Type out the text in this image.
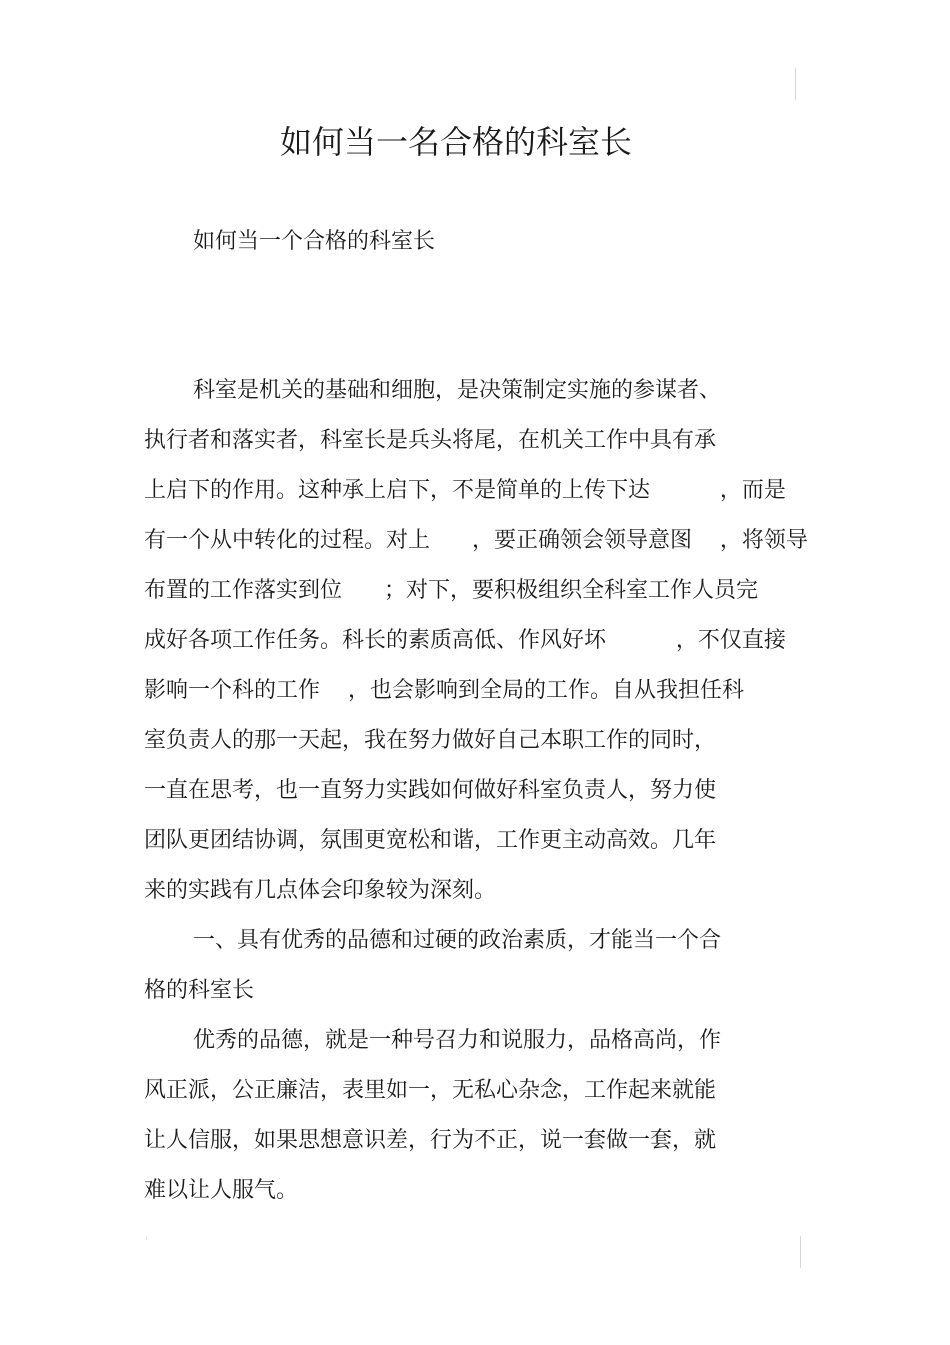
如何当一名合格的科室长
如何当一个合格的科室长
科室是机关的基础和细胞，是决策制定实施的参谋者、
执行者和落实者，科室长是兵头将尾，在机关工作中具有承
上启下的作用。这种承上启下，不是简单的上传下达          ，而是
有一个从中转化的过程。对上      ，要正确领会领导意图    ，将领导
布置的工作落实到位      ；对下，要积极组织全科室工作人员完
成好各项工作任务。科长的素质高低、作风好坏          ，不仅直接
影响一个科的工作    ，也会影响到全局的工作。自从我担任科
室负责人的那一天起，我在努力做好自己本职工作的同时，
一直在思考，也一直努力实践如何做好科室负责人，努力使
团队更团结协调，氛围更宽松和谐，工作更主动高效。几年
来的实践有几点体会印象较为深刻。
一、具有优秀的品德和过硬的政治素质，才能当一个合
格的科室长
优秀的品德，就是一种号召力和说服力，品格高尚，作
风正派，公正廉洁，表里如一，无私心杂念，工作起来就能
让人信服，如果思想意识差，行为不正，说一套做一套，就
难以让人服气。
